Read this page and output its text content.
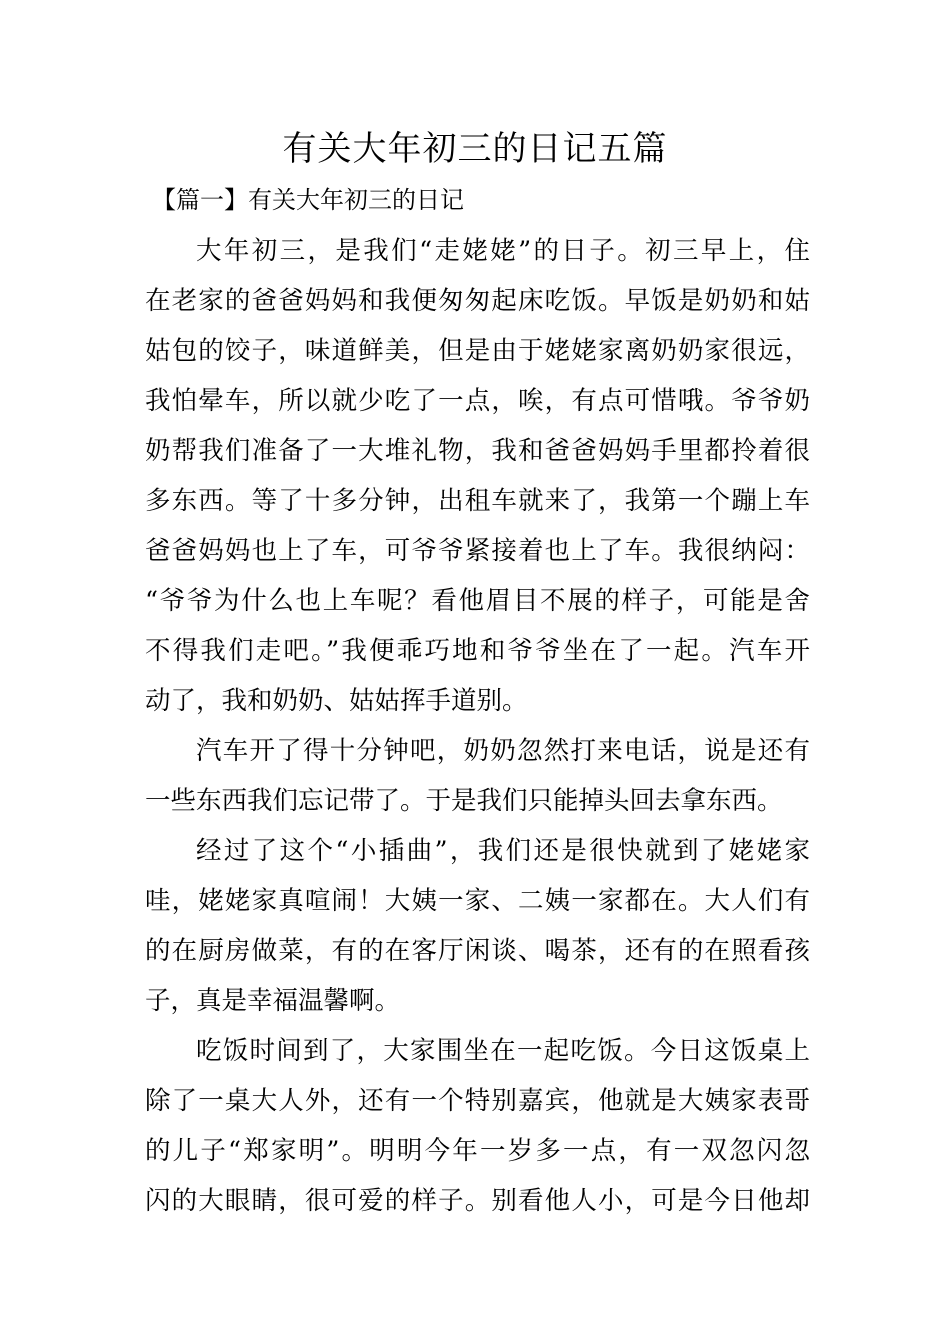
有关大年初三的日记五篇
【篇一】有关大年初三的日记
大年初三，是我们“走姥姥”的日子。初三早上，住
在老家的爸爸妈妈和我便匆匆起床吃饭。早饭是奶奶和姑
姑包的饺子，味道鲜美，但是由于姥姥家离奶奶家很远，
我怕晕车，所以就少吃了一点，唉，有点可惜哦。爷爷奶
奶帮我们准备了一大堆礼物，我和爸爸妈妈手里都拎着很
多东西。等了十多分钟，出租车就来了，我第一个蹦上车
爸爸妈妈也上了车，可爷爷紧接着也上了车。我很纳闷：
“爷爷为什么也上车呢？看他眉目不展的样子，可能是舍
不得我们走吧。”我便乖巧地和爷爷坐在了一起。汽车开
动了，我和奶奶、姑姑挥手道别。
汽车开了得十分钟吧，奶奶忽然打来电话，说是还有
一些东西我们忘记带了。于是我们只能掉头回去拿东西。
经过了这个“小插曲”，我们还是很快就到了姥姥家
哇，姥姥家真喧闹！大姨一家、二姨一家都在。大人们有
的在厨房做菜，有的在客厅闲谈、喝茶，还有的在照看孩
子，真是幸福温馨啊。
吃饭时间到了，大家围坐在一起吃饭。今日这饭桌上
除了一桌大人外，还有一个特别嘉宾，他就是大姨家表哥
的儿子“郑家明”。明明今年一岁多一点，有一双忽闪忽
闪的大眼睛，很可爱的样子。别看他人小，可是今日他却
